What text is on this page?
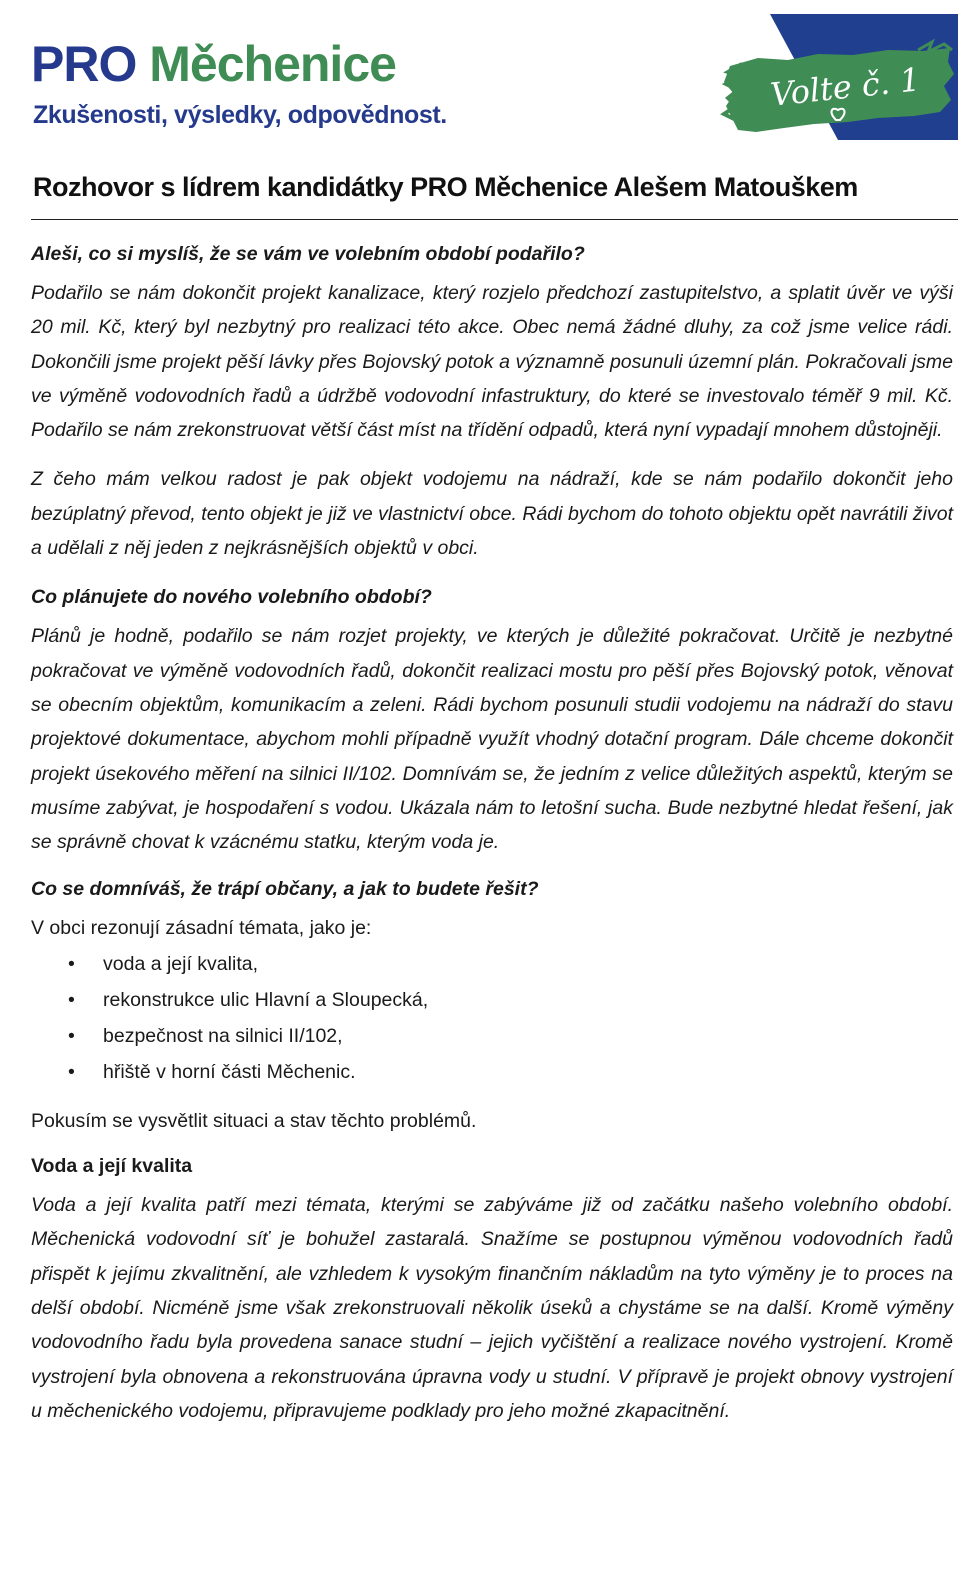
PRO Měchenice
Zkušenosti, výsledky, odpovědnost.
Volte č. 1
Rozhovor s lídrem kandidátky PRO Měchenice Alešem Matouškem
Aleši, co si myslíš, že se vám ve volebním období podařilo?

Podařilo se nám dokončit projekt kanalizace, který rozjelo předchozí zastupitelstvo, a splatit úvěr ve výši 20 mil. Kč, který byl nezbytný pro realizaci této akce. Obec nemá žádné dluhy, za což jsme velice rádi. Dokončili jsme projekt pěší lávky přes Bojovský potok a významně posunuli územní plán. Pokračovali jsme ve výměně vodovodních řadů a údržbě vodovodní infastruktury, do které se investovalo téměř 9 mil. Kč. Podařilo se nám zrekonstruovat větší část míst na třídění odpadů, která nyní vypadají mnohem důstojněji.

Z čeho mám velkou radost je pak objekt vodojemu na nádraží, kde se nám podařilo dokončit jeho bezúplatný převod, tento objekt je již ve vlastnictví obce. Rádi bychom do tohoto objektu opět navrátili život a udělali z něj jeden z nejkrásnějších objektů v obci.

Co plánujete do nového volebního období?

Plánů je hodně, podařilo se nám rozjet projekty, ve kterých je důležité pokračovat. Určitě je nezbytné pokračovat ve výměně vodovodních řadů, dokončit realizaci mostu pro pěší přes Bojovský potok, věnovat se obecním objektům, komunikacím a zeleni. Rádi bychom posunuli studii vodojemu na nádraží do stavu projektové dokumentace, abychom mohli případně využít vhodný dotační program. Dále chceme dokončit projekt úsekového měření na silnici II/102. Domnívám se, že jedním z velice důležitých aspektů, kterým se musíme zabývat, je hospodaření s vodou. Ukázala nám to letošní sucha. Bude nezbytné hledat řešení, jak se správně chovat k vzácnému statku, kterým voda je.

Co se domníváš, že trápí občany, a jak to budete řešit?

V obci rezonují zásadní témata, jako je:

• voda a její kvalita,
• rekonstrukce ulic Hlavní a Sloupecká,
• bezpečnost na silnici II/102,
• hřiště v horní části Měchenic.

Pokusím se vysvětlit situaci a stav těchto problémů.

Voda a její kvalita

Voda a její kvalita patří mezi témata, kterými se zabýváme již od začátku našeho volebního období. Měchenická vodovodní síť je bohužel zastaralá. Snažíme se postupnou výměnou vodovodních řadů přispět k jejímu zkvalitnění, ale vzhledem k vysokým finančním nákladům na tyto výměny je to proces na delší období. Nicméně jsme však zrekonstruovali několik úseků a chystáme se na další. Kromě výměny vodovodního řadu byla provedena sanace studní – jejich vyčištění a realizace nového vystrojení. Kromě vystrojení byla obnovena a rekonstruována úpravna vody u studní. V přípravě je projekt obnovy vystrojení u měchenického vodojemu, připravujeme podklady pro jeho možné zkapacitnění.
